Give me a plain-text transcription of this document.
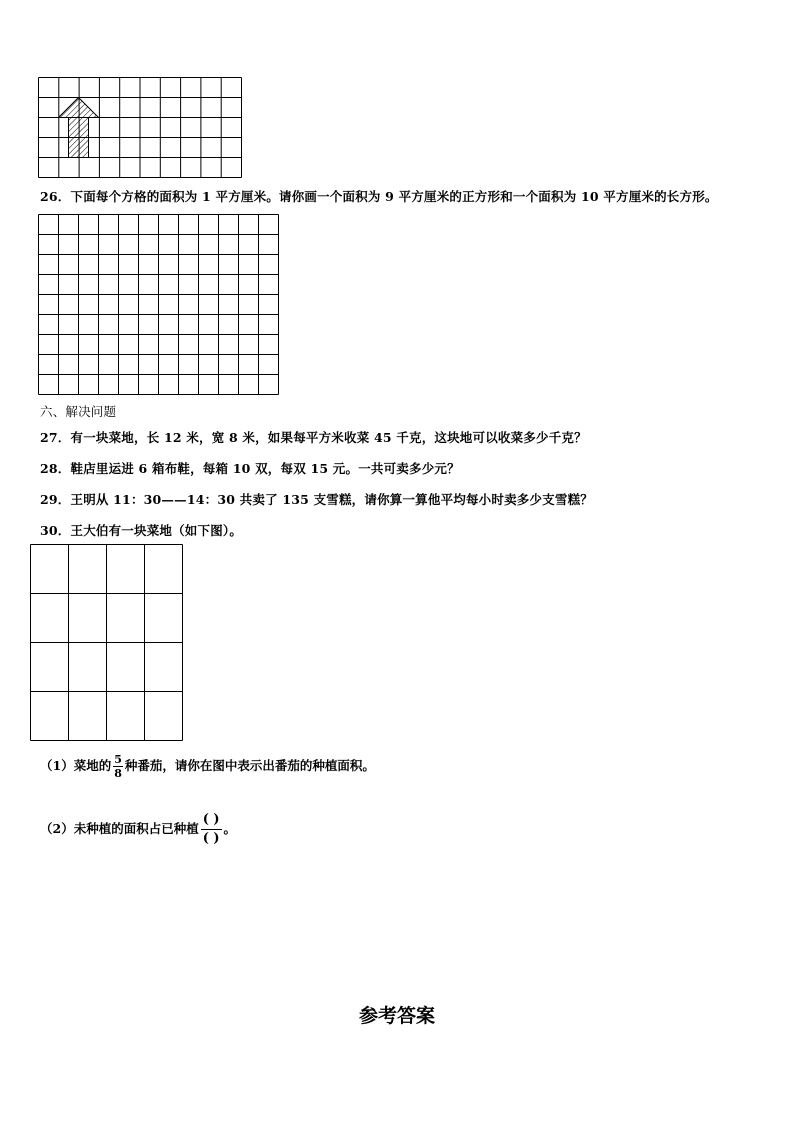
26．下面每个方格的面积为 1 平方厘米。请你画一个面积为 9 平方厘米的正方形和一个面积为 10 平方厘米的长方形。
六、解决问题
27．有一块菜地，长 12 米，宽 8 米，如果每平方米收菜 45 千克，这块地可以收菜多少千克？
28．鞋店里运进 6 箱布鞋，每箱 10 双，每双 15 元。一共可卖多少元？
29．王明从 11：30——14：30 共卖了 135 支雪糕，请你算一算他平均每小时卖多少支雪糕？
30．王大伯有一块菜地（如下图）。
（1）菜地的 $\frac{5}{8}$ 种番茄，请你在图中表示出番茄的种植面积。
（2）未种植的面积占已种植 $\frac{( )}{( )}$ 。
参考答案
